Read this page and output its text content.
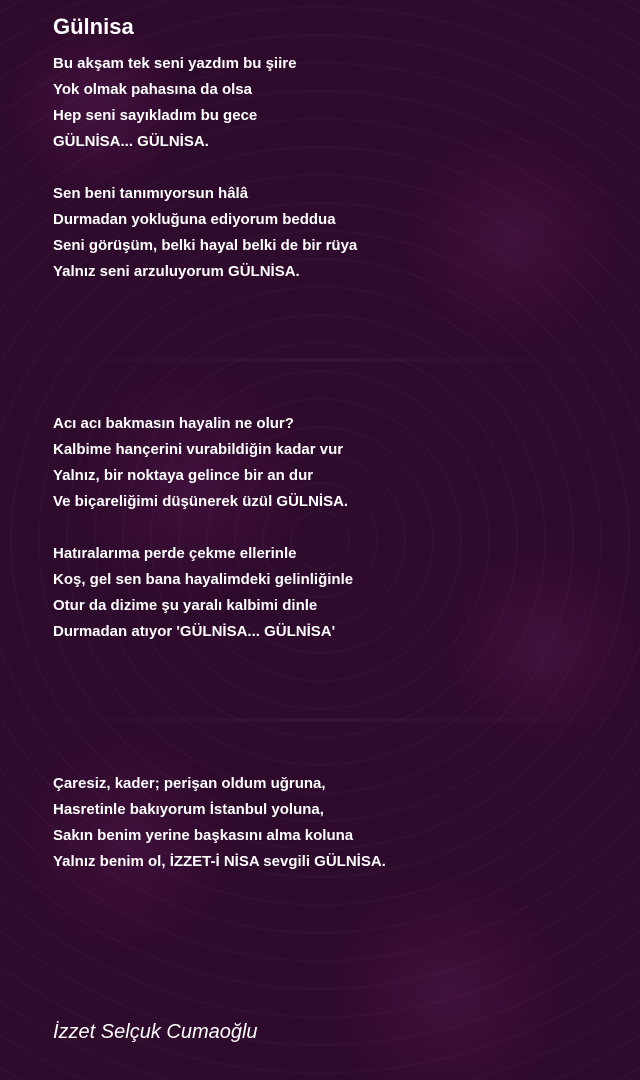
Gülnisa
Bu akşam tek seni yazdım bu şiire
Yok olmak pahasına da olsa
Hep seni sayıkladım bu gece
GÜLNİSA... GÜLNİSA.
Sen beni tanımıyorsun hâlâ
Durmadan yokluğuna ediyorum beddua
Seni görüşüm, belki hayal belki de bir rüya
Yalnız seni arzuluyorum GÜLNİSA.
Acı acı bakmasın hayalin ne olur?
Kalbime hançerini vurabildiğin kadar vur
Yalnız, bir noktaya gelince bir an dur
Ve biçareliğimi düşünerek üzül GÜLNİSA.
Hatıralarıma perde çekme ellerinle
Koş, gel sen bana hayalimdeki gelinliğinle
Otur da dizime şu yaralı kalbimi dinle
Durmadan atıyor 'GÜLNİSA... GÜLNİSA'
Çaresiz, kader; perişan oldum uğruna,
Hasretinle bakıyorum İstanbul yoluna,
Sakın benim yerine başkasını alma koluna
Yalnız benim ol, İZZET-İ NİSA sevgili GÜLNİSA.

İzzet Selçuk Cumaoğlu
